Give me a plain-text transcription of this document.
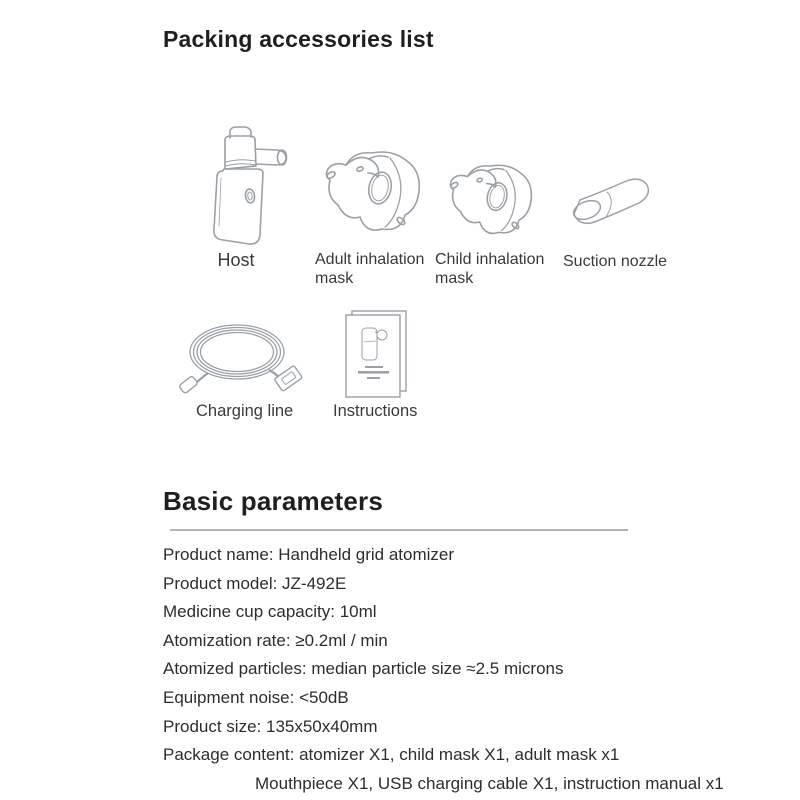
Packing accessories list
Host	Adult inhalation mask
Child inhalation mask
Suction nozzle
Charging line	Instructions
Basic parameters
Product name: Handheld grid atomizer
Product model: JZ-492E
Medicine cup capacity: 10ml
Atomization rate: ≥0.2ml / min
Atomized particles: median particle size ≈2.5 microns
Equipment noise: <50dB
Product size: 135x50x40mm
Package content: atomizer X1, child mask X1, adult mask x1
Mouthpiece X1, USB charging cable X1, instruction manual x1
